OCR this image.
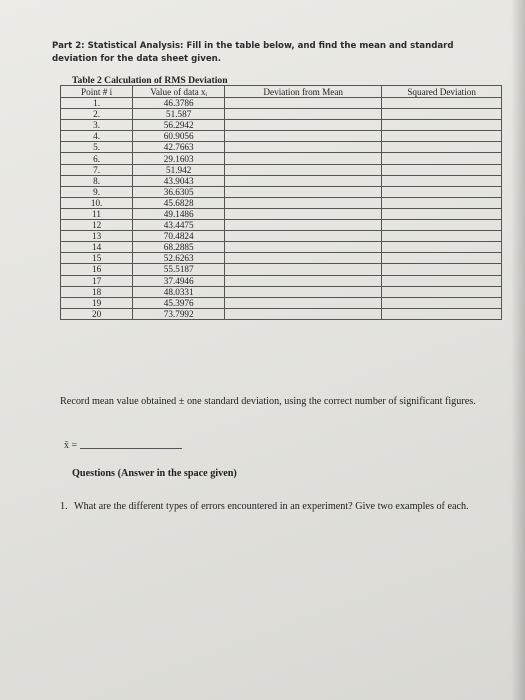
Part 2: Statistical Analysis: Fill in the table below, and find the mean and standard deviation for the data sheet given.
Table 2 Calculation of RMS Deviation
Point # i	Value of data xᵢ	Deviation from Mean	Squared Deviation
1.	46.3786		
2.	51.587		
3.	56.2942		
4.	60.9056		
5.	42.7663		
6.	29.1603		
7.	51.942		
8.	43.9043		
9.	36.6305		
10.	45.6828		
11	49.1486		
12	43.4475		
13	70.4824		
14	68.2885		
15	52.6263		
16	55.5187		
17	37.4946		
18	48.0331		
19	45.3976		
20	73.7992		
Record mean value obtained ± one standard deviation, using the correct number of significant figures.
x̄ =
Questions (Answer in the space given)
1. What are the different types of errors encountered in an experiment? Give two examples of each.
